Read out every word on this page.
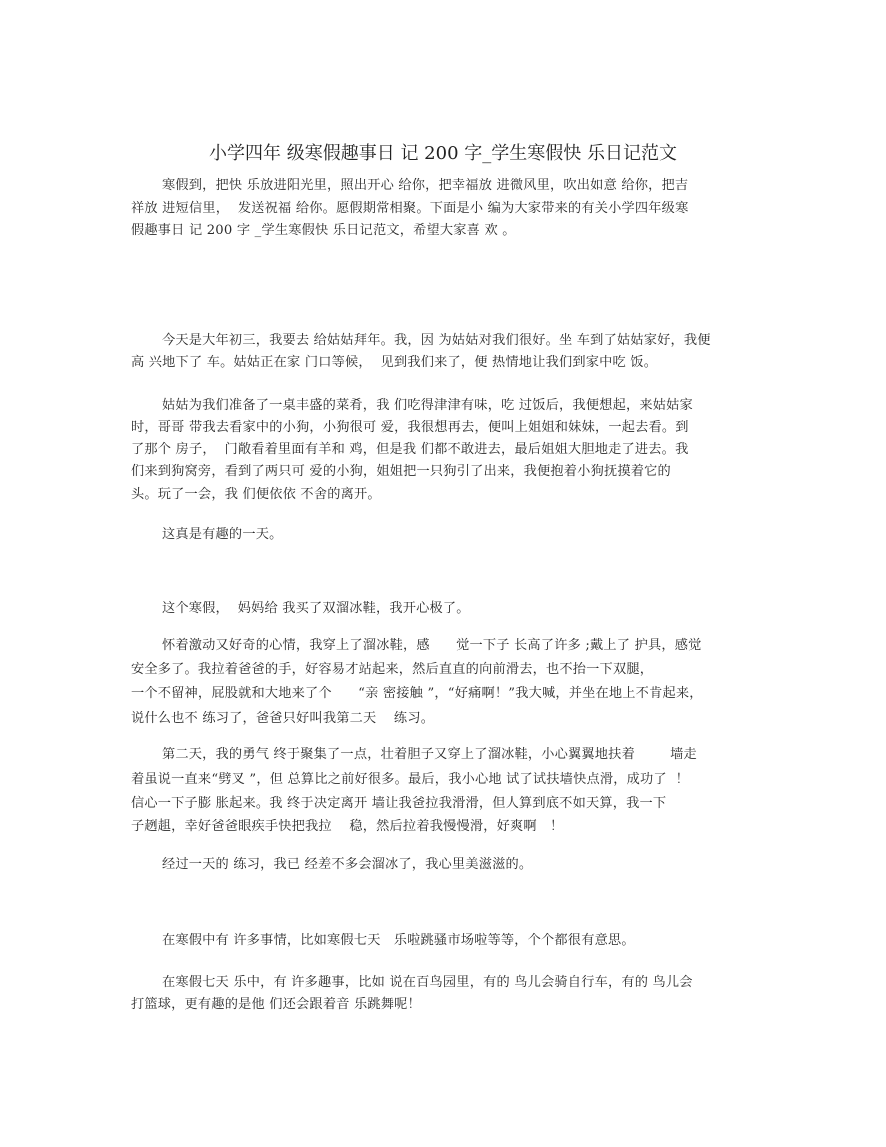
小学四年 级寒假趣事日 记 200 字_学生寒假快 乐日记范文
寒假到，把快 乐放进阳光里，照出开心 给你，把幸福放 进微风里，吹出如意 给你，把吉
祥放 进短信里，  发送祝福 给你。愿假期常相聚。下面是小 编为大家带来的有关小学四年级寒
假趣事日 记 200 字 _学生寒假快 乐日记范文，希望大家喜 欢 。
今天是大年初三，我要去 给姑姑拜年。我，因 为姑姑对我们很好。坐 车到了姑姑家好，我便
高 兴地下了 车。姑姑正在家 门口等候，  见到我们来了，便 热情地让我们到家中吃 饭。
姑姑为我们准备了一桌丰盛的菜肴，我 们吃得津津有味，吃 过饭后，我便想起，来姑姑家
时，哥哥 带我去看家中的小狗，小狗很可 爱，我很想再去，便叫上姐姐和妹妹，一起去看。到
了那个 房子，  门敞看着里面有羊和 鸡，但是我 们都不敢进去，最后姐姐大胆地走了进去。我
们来到狗窝旁，看到了两只可 爱的小狗，姐姐把一只狗引了出来，我便抱着小狗抚摸着它的
头。玩了一会，我 们便依依 不舍的离开。
这真是有趣的一天。
这个寒假，  妈妈给 我买了双溜冰鞋，我开心极了。
怀着激动又好奇的心情，我穿上了溜冰鞋，感      觉一下子 长高了许多 ;戴上了 护具，感觉
安全多了。我拉着爸爸的手，好容易才站起来，然后直直的向前滑去，也不抬一下双腿，
一个不留神，屁股就和大地来了个      “亲 密接触 ”，“好痛啊！”我大喊，并坐在地上不肯起来，
说什么也不 练习了，爸爸只好叫我第二天    练习。
第二天，我的勇气 终于聚集了一点，壮着胆子又穿上了溜冰鞋，小心翼翼地扶着        墙走
着虽说一直来“劈叉 ”，但 总算比之前好很多。最后，我小心地 试了试扶墙快点滑，成功了  ！
信心一下子膨 胀起来。我 终于决定离开 墙让我爸拉我滑滑，但人算到底不如天算，我一下
子趔趄，幸好爸爸眼疾手快把我拉    稳，然后拉着我慢慢滑，好爽啊   ！
经过一天的 练习，我已 经差不多会溜冰了，我心里美滋滋的。
在寒假中有 许多事情，比如寒假七天   乐啦跳骚市场啦等等，个个都很有意思。
在寒假七天 乐中，有 许多趣事，比如 说在百鸟园里，有的 鸟儿会骑自行车，有的 鸟儿会
打篮球，更有趣的是他 们还会跟着音 乐跳舞呢！
